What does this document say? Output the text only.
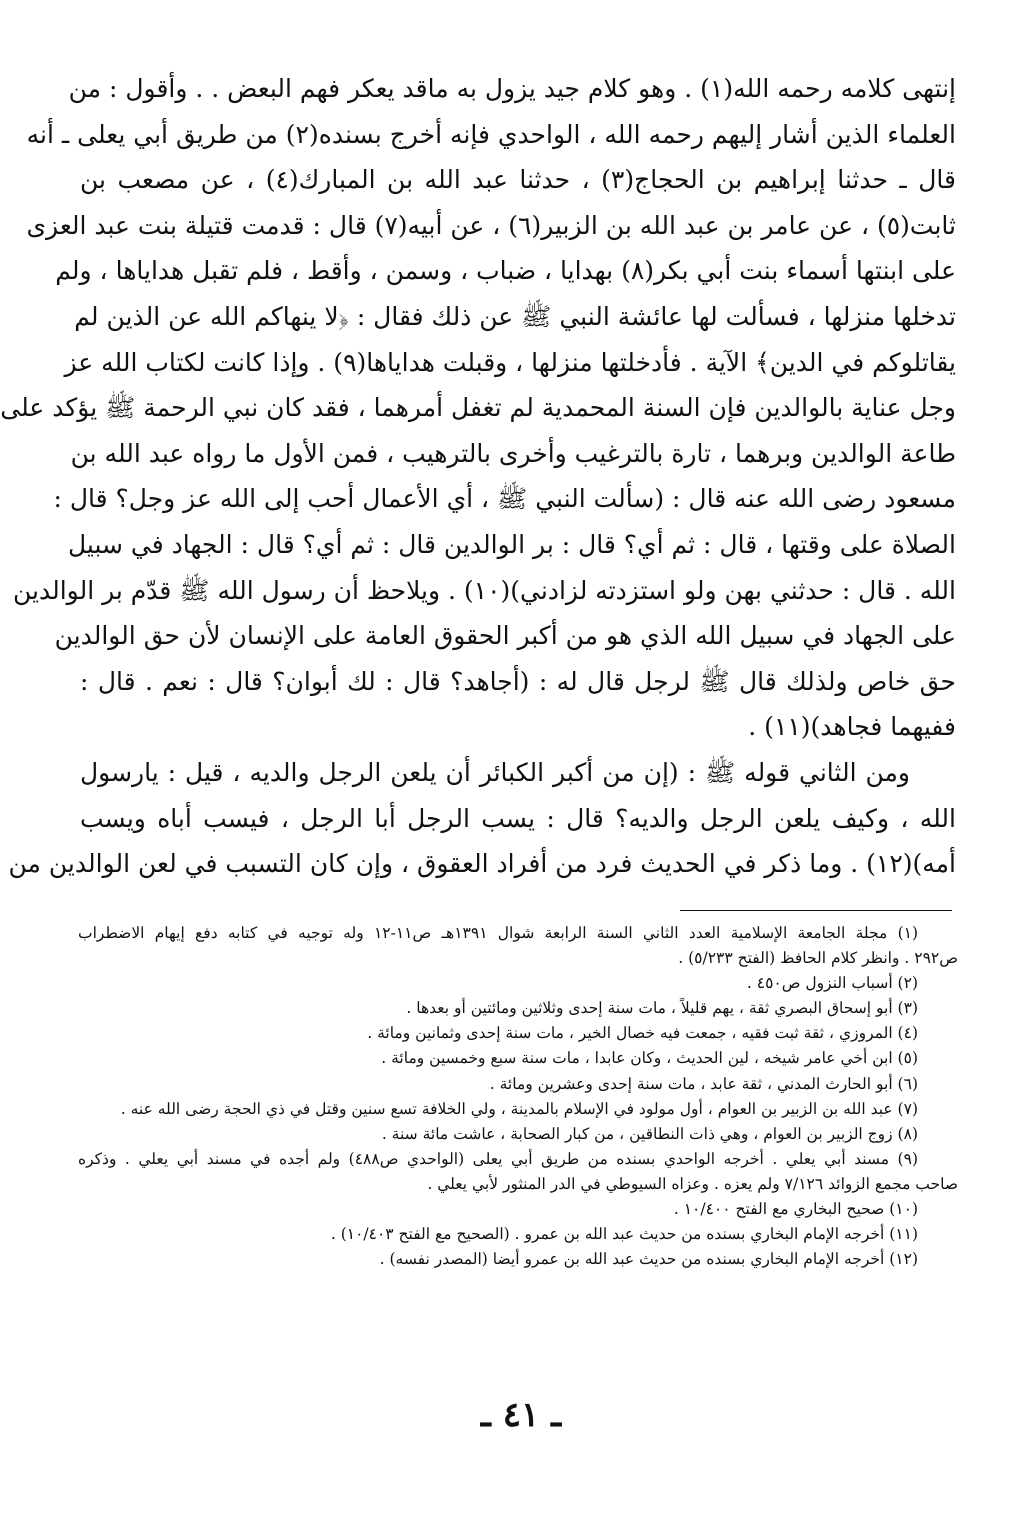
إنتهى كلامه رحمه الله(١) . وهو كلام جيد يزول به ماقد يعكر فهم البعض . . وأقول : من
العلماء الذين أشار إليهم رحمه الله ، الواحدي فإنه أخرج بسنده(٢) من طريق أبي يعلى ـ أنه
قال ـ حدثنا إبراهيم بن الحجاج(٣) ، حدثنا عبد الله بن المبارك(٤) ، عن مصعب بن
ثابت(٥) ، عن عامر بن عبد الله بن الزبير(٦) ، عن أبيه(٧) قال : قدمت قتيلة بنت عبد العزى
على ابنتها أسماء بنت أبي بكر(٨) بهدايا ، ضباب ، وسمن ، وأقط ، فلم تقبل هداياها ، ولم
تدخلها منزلها ، فسألت لها عائشة النبي ﷺ عن ذلك فقال : ﴿لا ينهاكم الله عن الذين لم
يقاتلوكم في الدين﴾ الآية . فأدخلتها منزلها ، وقبلت هداياها(٩) . وإذا كانت لكتاب الله عز
وجل عناية بالوالدين فإن السنة المحمدية لم تغفل أمرهما ، فقد كان نبي الرحمة ﷺ يؤكد على
طاعة الوالدين وبرهما ، تارة بالترغيب وأخرى بالترهيب ، فمن الأول ما رواه عبد الله بن
مسعود رضى الله عنه قال : (سألت النبي ﷺ ، أي الأعمال أحب إلى الله عز وجل؟ قال :
الصلاة على وقتها ، قال : ثم أي؟ قال : بر الوالدين قال : ثم أي؟ قال : الجهاد في سبيل
الله . قال : حدثني بهن ولو استزدته لزادني)(١٠) . ويلاحظ أن رسول الله ﷺ قدّم بر الوالدين
على الجهاد في سبيل الله الذي هو من أكبر الحقوق العامة على الإنسان لأن حق الوالدين
حق خاص ولذلك قال ﷺ لرجل قال له : (أجاهد؟ قال : لك أبوان؟ قال : نعم . قال :
ففيهما فجاهد)(١١) .
ومن الثاني قوله ﷺ : (إن من أكبر الكبائر أن يلعن الرجل والديه ، قيل : يارسول
الله ، وكيف يلعن الرجل والديه؟ قال : يسب الرجل أبا الرجل ، فيسب أباه ويسب
أمه)(١٢) . وما ذكر في الحديث فرد من أفراد العقوق ، وإن كان التسبب في لعن الوالدين من
(١) مجلة الجامعة الإسلامية العدد الثاني السنة الرابعة شوال ١٣٩١هـ ص١١-١٢ وله توجيه في كتابه دفع إيهام الاضطراب
ص٢٩٢ . وانظر كلام الحافظ (الفتح ٥/٢٣٣) .
(٢) أسباب النزول ص٤٥٠ .
(٣) أبو إسحاق البصري ثقة ، يهم قليلاً ، مات سنة إحدى وثلاثين ومائتين أو بعدها .
(٤) المروزي ، ثقة ثبت فقيه ، جمعت فيه خصال الخير ، مات سنة إحدى وثمانين ومائة .
(٥) ابن أخي عامر شيخه ، لين الحديث ، وكان عابدا ، مات سنة سبع وخمسين ومائة .
(٦) أبو الحارث المدني ، ثقة عابد ، مات سنة إحدى وعشرين ومائة .
(٧) عبد الله بن الزبير بن العوام ، أول مولود في الإسلام بالمدينة ، ولي الخلافة تسع سنين وقتل في ذي الحجة رضى الله عنه .
(٨) زوج الزبير بن العوام ، وهي ذات النطاقين ، من كبار الصحابة ، عاشت مائة سنة .
(٩) مسند أبي يعلي . أخرجه الواحدي بسنده من طريق أبي يعلى (الواحدي ص٤٨٨) ولم أجده في مسند أبي يعلي . وذكره
صاحب مجمع الزوائد ٧/١٢٦ ولم يعزه . وعزاه السيوطي في الدر المنثور لأبي يعلي .
(١٠) صحيح البخاري مع الفتح ١٠/٤٠٠ .
(١١) أخرجه الإمام البخاري بسنده من حديث عبد الله بن عمرو . (الصحيح مع الفتح ١٠/٤٠٣) .
(١٢) أخرجه الإمام البخاري بسنده من حديث عبد الله بن عمرو أيضا (المصدر نفسه) .
ـ ٤١ ـ
